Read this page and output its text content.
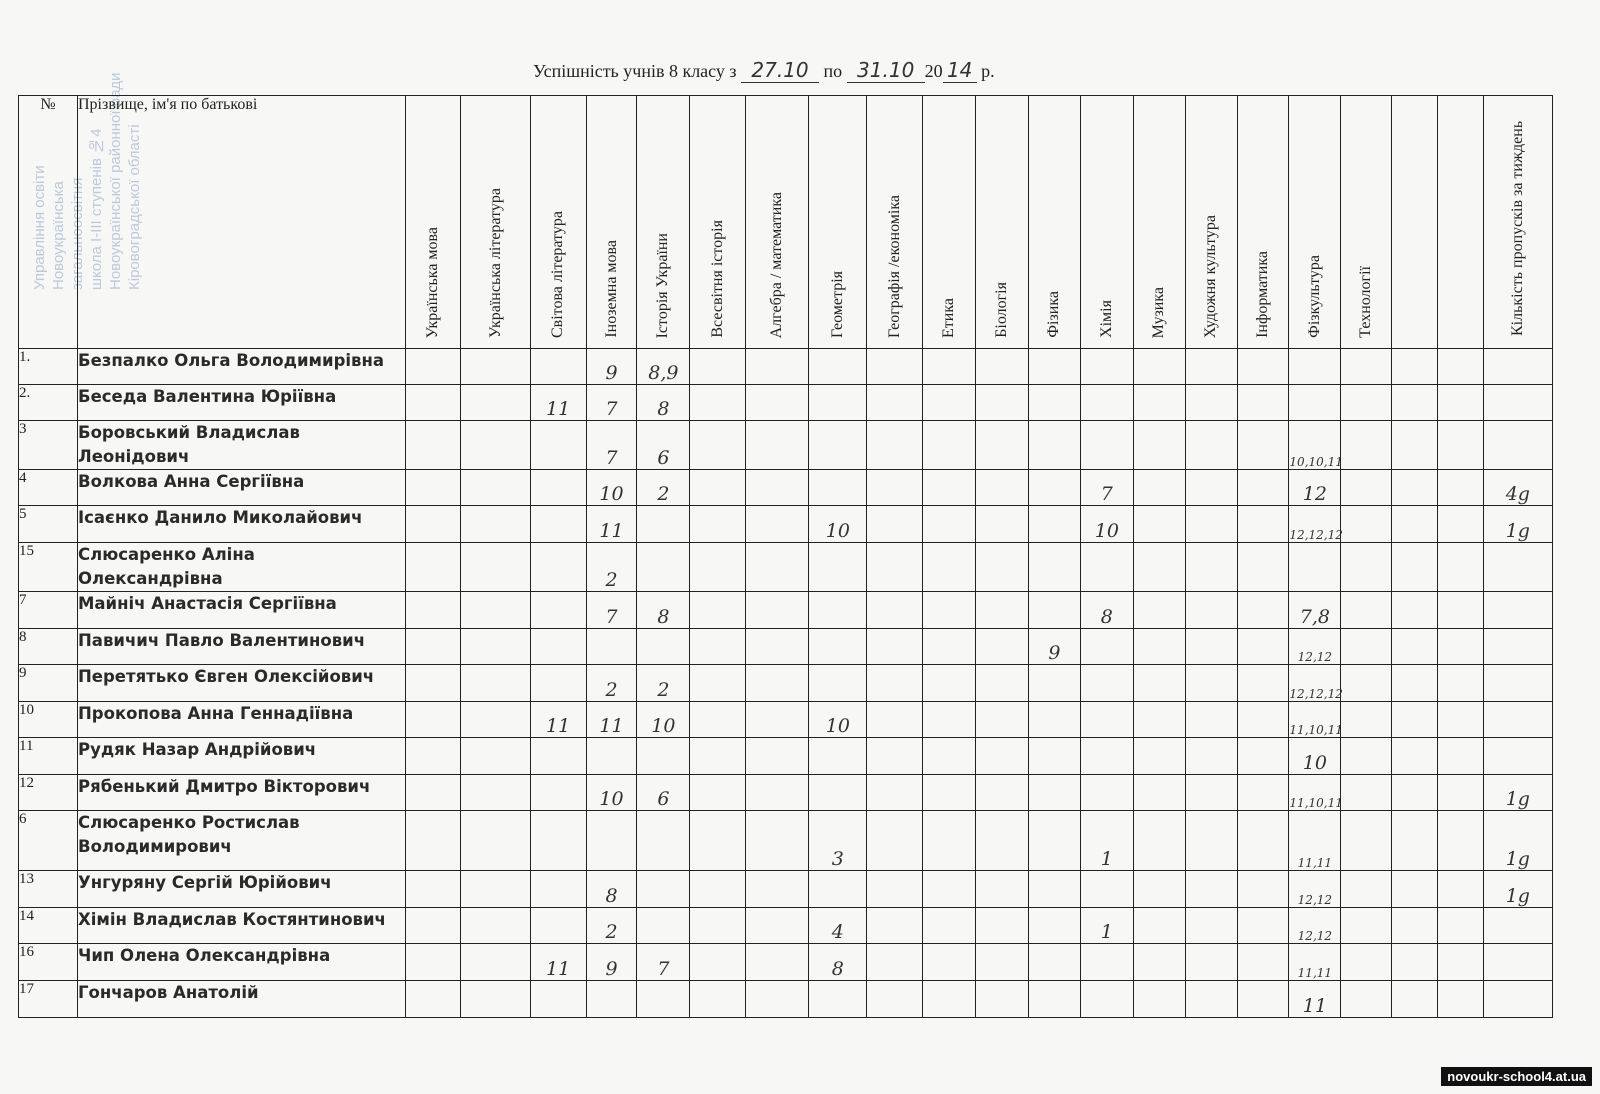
Управління освіти Новоукраїнська загальноосвітня школа І-ІІІ ступенів №4 Новоукраїнської районної ради Кіровоградської області
Успішність учнів 8 класу з 27.10 по 31.10 20 14 р.
№	Прізвище, ім'я по батькові	Українська мова	Українська література	Світова література	Іноземна мова	Історія України	Всесвітня історія	Алгебра / математика	Геометрія	Географія /економіка	Етика	Біологія	Фізика	Хімія	Музика	Художня культура	Інформатика	Фізкультура	Технології			Кількість пропусків за тиждень

1.	Безпалко Ольга Володимирівна				9	8,9																
2.	Беседа Валентина Юріївна			11	7	8																
3	Боровський Владислав Леонідович				7	6												10,10,11				
4	Волкова Анна Сергіївна				10	2								7				12				4g
5	Ісаєнко Данило Миколайович				11				10					10				12,12,12				1g
15	Слюсаренко Аліна Олександрівна				2																	
7	Майніч Анастасія Сергіївна				7	8								8				7,8				
8	Павичич Павло Валентинович												9					12,12				
9	Перетятько Євген Олексійович				2	2												12,12,12				
10	Прокопова Анна Геннадіївна			11	11	10			10									11,10,11				
11	Рудяк Назар Андрійович																	10				
12	Рябенький Дмитро Вікторович				10	6												11,10,11				1g
6	Слюсаренко Ростислав Володимирович								3					1				11,11				1g
13	Унгуряну Сергій Юрійович				8													12,12				1g
14	Хімін Владислав Костянтинович				2				4					1				12,12				
16	Чип Олена Олександрівна			11	9	7			8									11,11				
17	Гончаров Анатолій																	11				
novoukr-school4.at.ua
